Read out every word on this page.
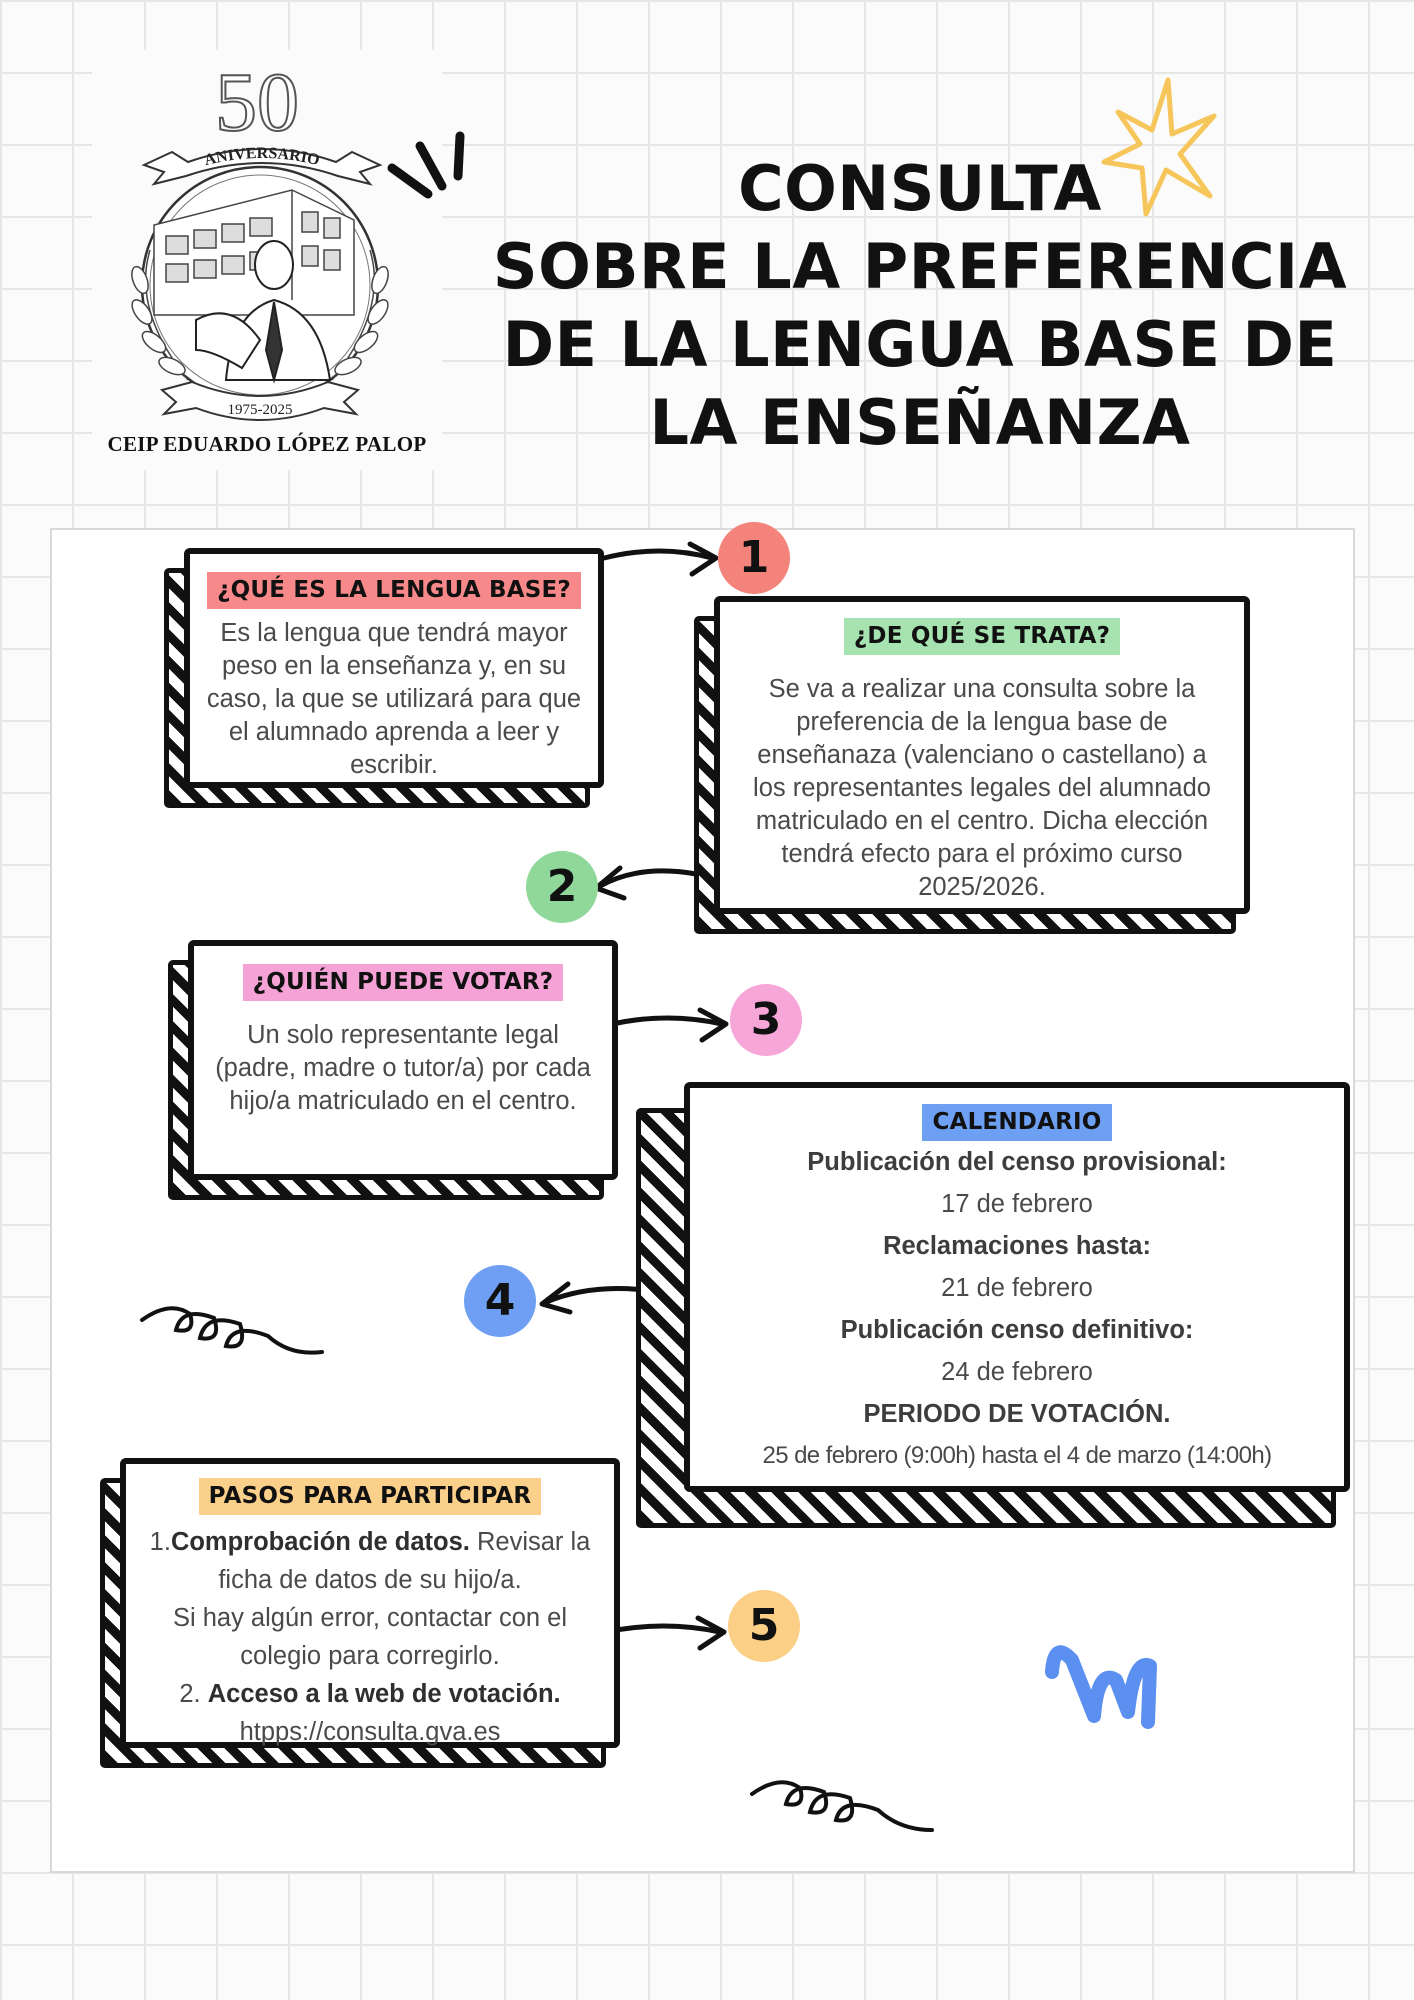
50
ANIVERSARIO
1975-2025
CEIP EDUARDO LÓPEZ PALOP
CONSULTA
SOBRE LA PREFERENCIA
DE LA LENGUA BASE DE
LA ENSEÑANZA
1
2
3
4
5
¿QUÉ ES LA LENGUA BASE?
Es la lengua que tendrá mayor peso en la enseñanza y, en su caso, la que se utilizará para que el alumnado aprenda a leer y escribir.
¿DE QUÉ SE TRATA?
Se va a realizar una consulta sobre la preferencia de la lengua base de enseñanaza (valenciano o castellano) a los representantes legales del alumnado matriculado en el centro. Dicha elección tendrá efecto para el próximo curso 2025/2026.
¿QUIÉN PUEDE VOTAR?
Un solo representante legal (padre, madre o tutor/a) por cada hijo/a matriculado en el centro.
CALENDARIO
Publicación del censo provisional:
17 de febrero
Reclamaciones hasta:
21 de febrero
Publicación censo definitivo:
24 de febrero
PERIODO DE VOTACIÓN.
25 de febrero (9:00h) hasta el 4 de marzo (14:00h)
PASOS PARA PARTICIPAR
1.Comprobación de datos. Revisar la ficha de datos de su hijo/a.
Si hay algún error, contactar con el colegio para corregirlo.
2. Acceso a la web de votación.
htpps://consulta.gva.es
